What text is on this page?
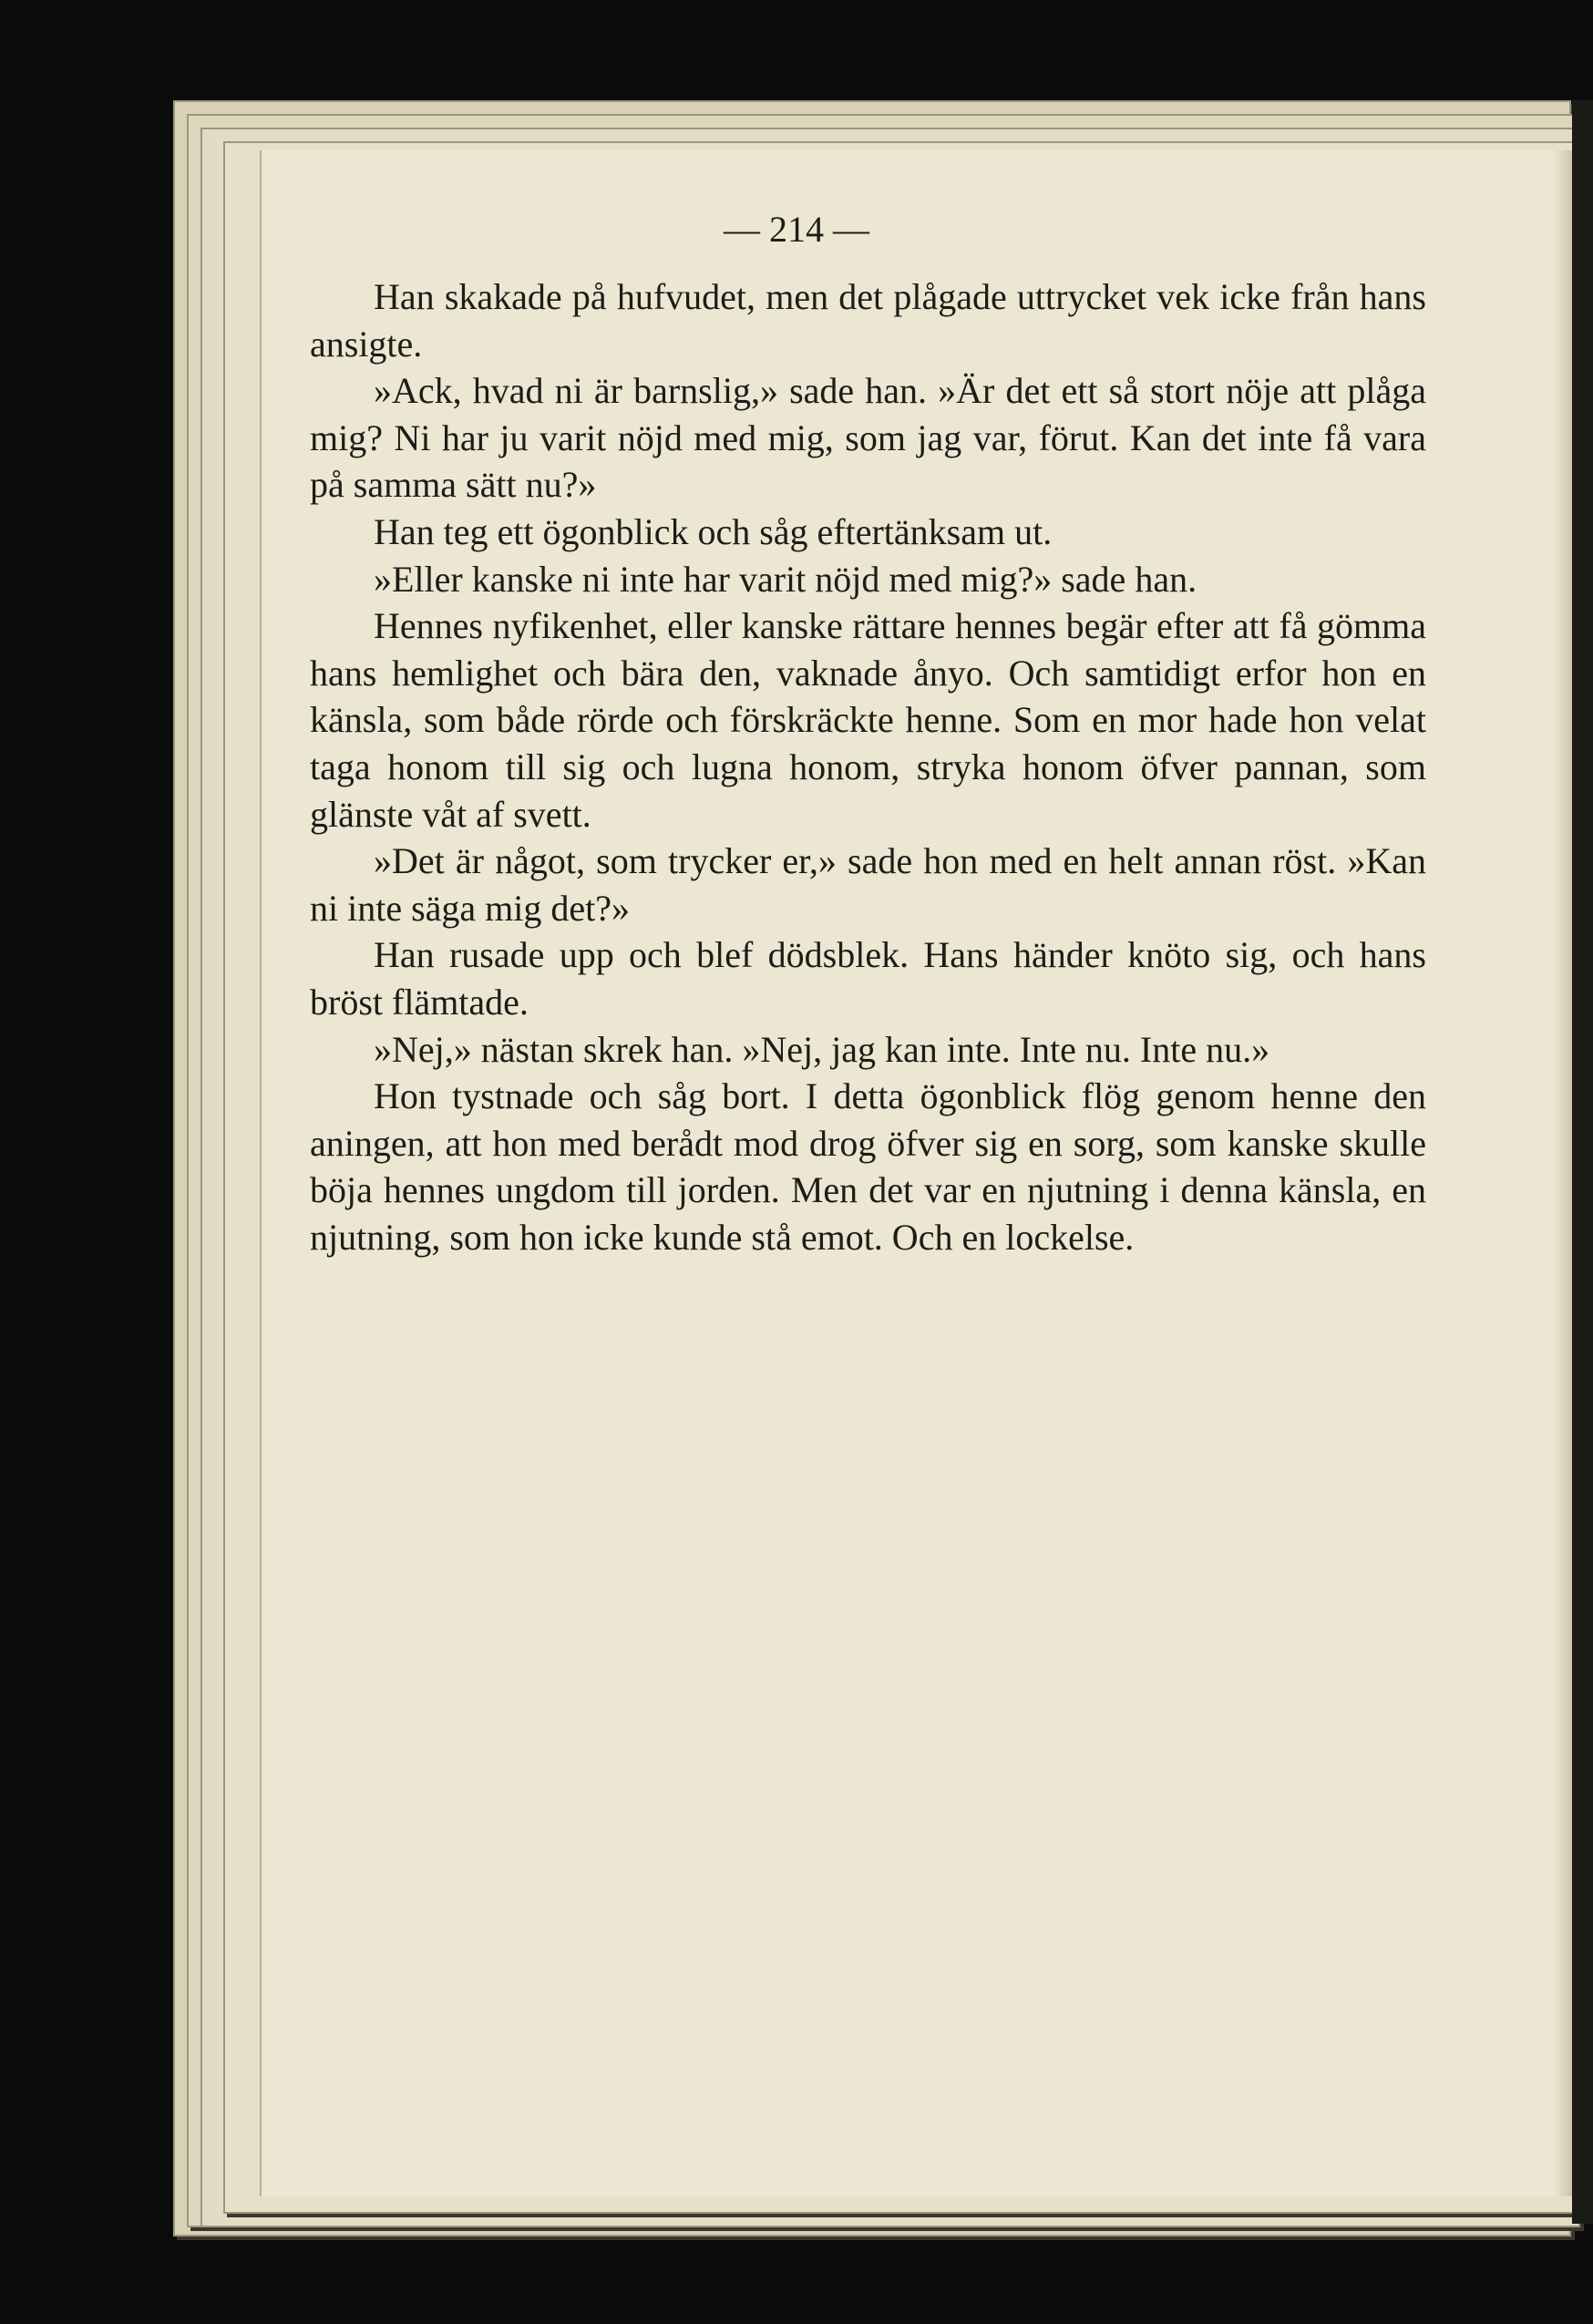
— 214 —

Han skakade på hufvudet, men det plågade uttrycket vek icke från hans ansigte.

»Ack, hvad ni är barnslig,» sade han. »Är det ett så stort nöje att plåga mig? Ni har ju varit nöjd med mig, som jag var, förut. Kan det inte få vara på samma sätt nu?»

Han teg ett ögonblick och såg eftertänksam ut.

»Eller kanske ni inte har varit nöjd med mig?» sade han.

Hennes nyfikenhet, eller kanske rättare hennes begär efter att få gömma hans hemlighet och bära den, vaknade ånyo. Och samtidigt erfor hon en känsla, som både rörde och förskräckte henne. Som en mor hade hon velat taga honom till sig och lugna honom, stryka honom öfver pannan, som glänste våt af svett.

»Det är något, som trycker er,» sade hon med en helt annan röst. »Kan ni inte säga mig det?»

Han rusade upp och blef dödsblek. Hans händer knöto sig, och hans bröst flämtade.

»Nej,» nästan skrek han. »Nej, jag kan inte. Inte nu. Inte nu.»

Hon tystnade och såg bort. I detta ögonblick flög genom henne den aningen, att hon med berådt mod drog öfver sig en sorg, som kanske skulle böja hennes ungdom till jorden. Men det var en njutning i denna känsla, en njutning, som hon icke kunde stå emot. Och en lockelse.
